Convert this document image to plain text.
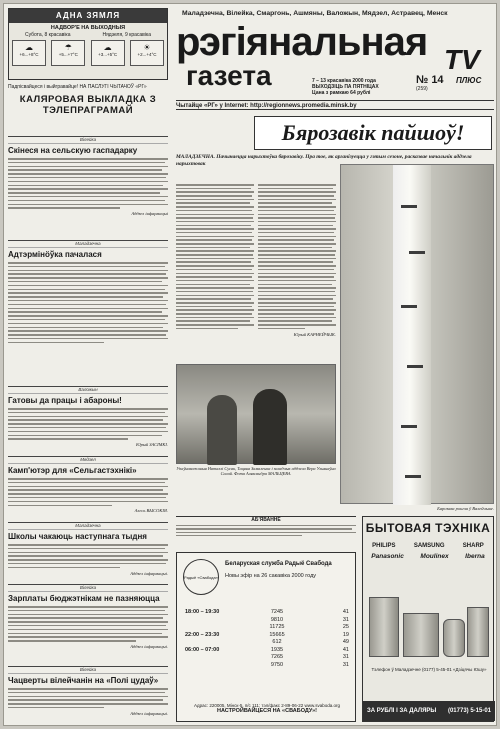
АДНА ЗЯМЛЯ
НАДВОР'Е НА ВЫХОДНЫЯ
Субота, 8 красавіка	Нядзеля, 9 красавіка
☁
+6...+8°С
☂
+5...+7°С
☁
+3...+5°С
☀
+2...+4°С
Падпісвайцеся і выйгравайце! НА ПАСЛУГІ ЧЫТАЧОЎ «РГ»
КАЛЯРОВАЯ ВЫКЛАДКА З ТЭЛЕПРАГРАМАЙ
Вілейка
Скінеся на сельскую гаспадарку
Аддзел інфармацыі
Маладзечна
Адтэрмінöўка пачалася
Валожын
Гатовы да працы і абароны!
Юрый ЗАСІМКІ.
Мядзел
Камп'ютэр для «Сельгастэхнікі»
Алесь ВЫСОКІЯ.
Маладзечна
Школы чакаюць наступнага тыдня
Аддзел інфармацыі.
Вілейка
Зарплаты бюджэтнікам не пазняюцца
Аддзел інфармацыі.
Вілейка
Чацверты вілейчанін на «Полі цудаў»
Аддзел інфармацыі.
Маладзечна, Вілейка, Смаргонь, Ашмяны, Валожын, Мядзел, Астравец, Менск
рэгіянальная
газета	7 – 13 красавіка 2000 года
ВЫХОДЗІЦЬ ПА ПЯТНІЦАХ
Цана з рамкаю 64 рублі
№ 14
(259)
TV
ПЛЮС
Чытайце «РГ» у Internet: http://regionnews.promedia.minsk.by
Бярозавік пайшоў!
МАЛАДЗЕЧНА. Пачынаецца нарыхтоўка бярозавіку. Пра тое, як арганізуецца у гэтым сезоне, расказвае начальнік аддзела нарыхтовак
Юрый КАРНЕЙЧЫК.
Бярозава рошча ў Вялейчыне.
Упаўнаважаныя Наталлі Сусак, Тацяна Замаленка і загадчык аддзела Вера Ульянаўна Салай. Фота Аляксандра МАЛЬЦЕВА.
АБ'ЯВАННЕ
Радыё «Свабода»
Беларуская служба Радыё Свабода
Новы эфір на 26 сакавіка 2000 году
18:00 – 19:30	7245	41
9810	31
11725	25
22:00 – 23:30	15665	19
612	49
06:00 – 07:00	1935	41
7265	31
9750	31
Адрас: 220005, Мінск-5, п/с 111; тэл/факс 2-89-06-22 www.svaboda.org
НАСТРОЙВАЙЦЕСЯ НА «СВАБОДУ»!
БЫТОВАЯ ТЭХНІКА
PHILIPS	SAMSUNG	SHARP
Panasonic	Moulinex	Iberna
Тэлефон ў Маладзечне (0177) 5-45-01 «Дзіцячы Юшу»
ЗА РУБЛІ І ЗА ДАЛЯРЫ (01773) 5-15-01
